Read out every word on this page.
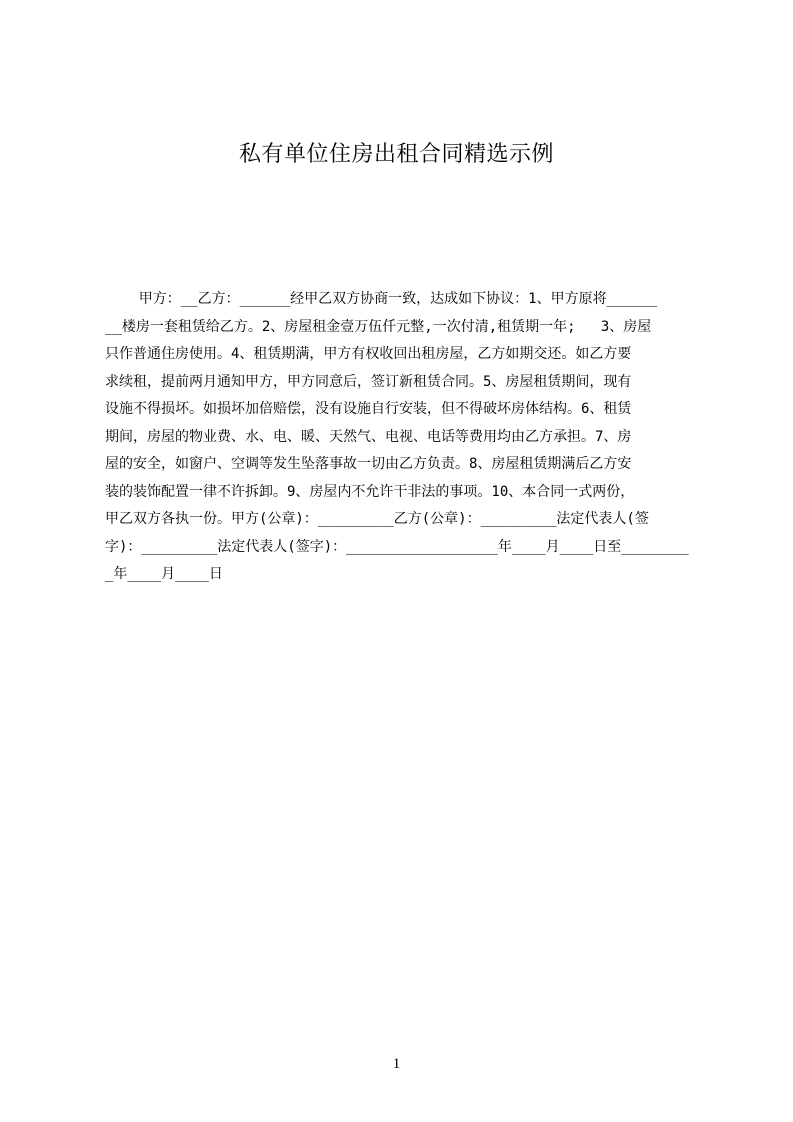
私有单位住房出租合同精选示例
甲方：__乙方：______经甲乙双方协商一致，达成如下协议：1、甲方原将______
__楼房一套租赁给乙方。2、房屋租金壹万伍仟元整,一次付清,租赁期一年;   3、房屋
只作普通住房使用。4、租赁期满，甲方有权收回出租房屋，乙方如期交还。如乙方要
求续租，提前两月通知甲方，甲方同意后，签订新租赁合同。5、房屋租赁期间，现有
设施不得损坏。如损坏加倍赔偿，没有设施自行安装，但不得破坏房体结构。6、租赁
期间，房屋的物业费、水、电、暖、天然气、电视、电话等费用均由乙方承担。7、房
屋的安全，如窗户、空调等发生坠落事故一切由乙方负责。8、房屋租赁期满后乙方安
装的装饰配置一律不许拆卸。9、房屋内不允许干非法的事项。10、本合同一式两份，
甲乙双方各执一份。甲方(公章)：_________乙方(公章)：_________法定代表人(签
字)：_________法定代表人(签字)：__________________年____月____日至________
_年____月____日
1
